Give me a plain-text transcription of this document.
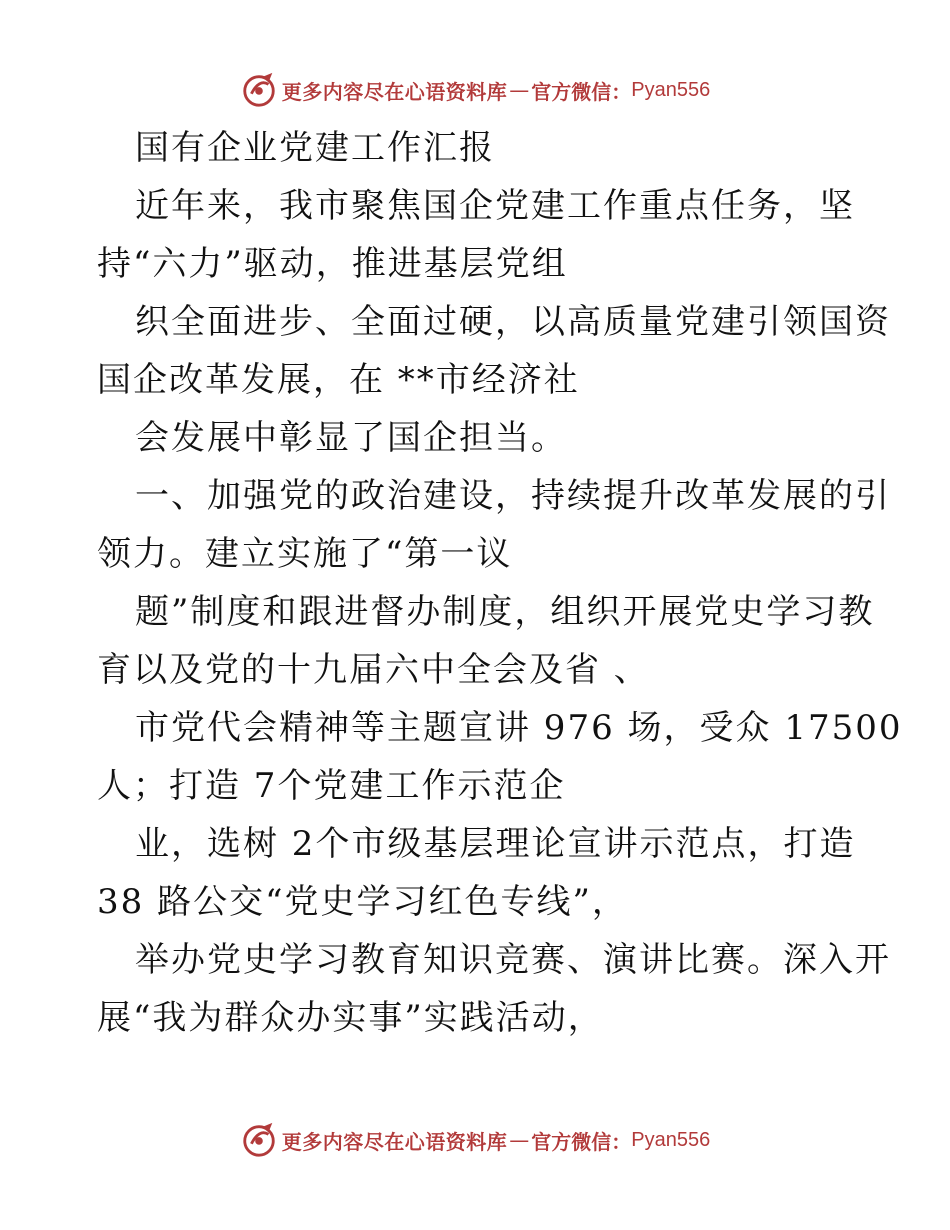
更多内容尽在心语资料库 — 官方微信： Pyan556
国有企业党建工作汇报
近年来，我市聚焦国企党建工作重点任务，坚
持“六力”驱动，推进基层党组
织全面进步、全面过硬，以高质量党建引领国资
国企改革发展，在 **市经济社
会发展中彰显了国企担当。
一、加强党的政治建设，持续提升改革发展的引
领力。建立实施了“第一议
题”制度和跟进督办制度，组织开展党史学习教
育以及党的十九届六中全会及省 、
市党代会精神等主题宣讲 976 场，受众 17500
人；打造 7个党建工作示范企
业，选树 2个市级基层理论宣讲示范点，打造
38 路公交“党史学习红色专线”，
举办党史学习教育知识竞赛、演讲比赛。深入开
展“我为群众办实事”实践活动，
更多内容尽在心语资料库 — 官方微信： Pyan556
